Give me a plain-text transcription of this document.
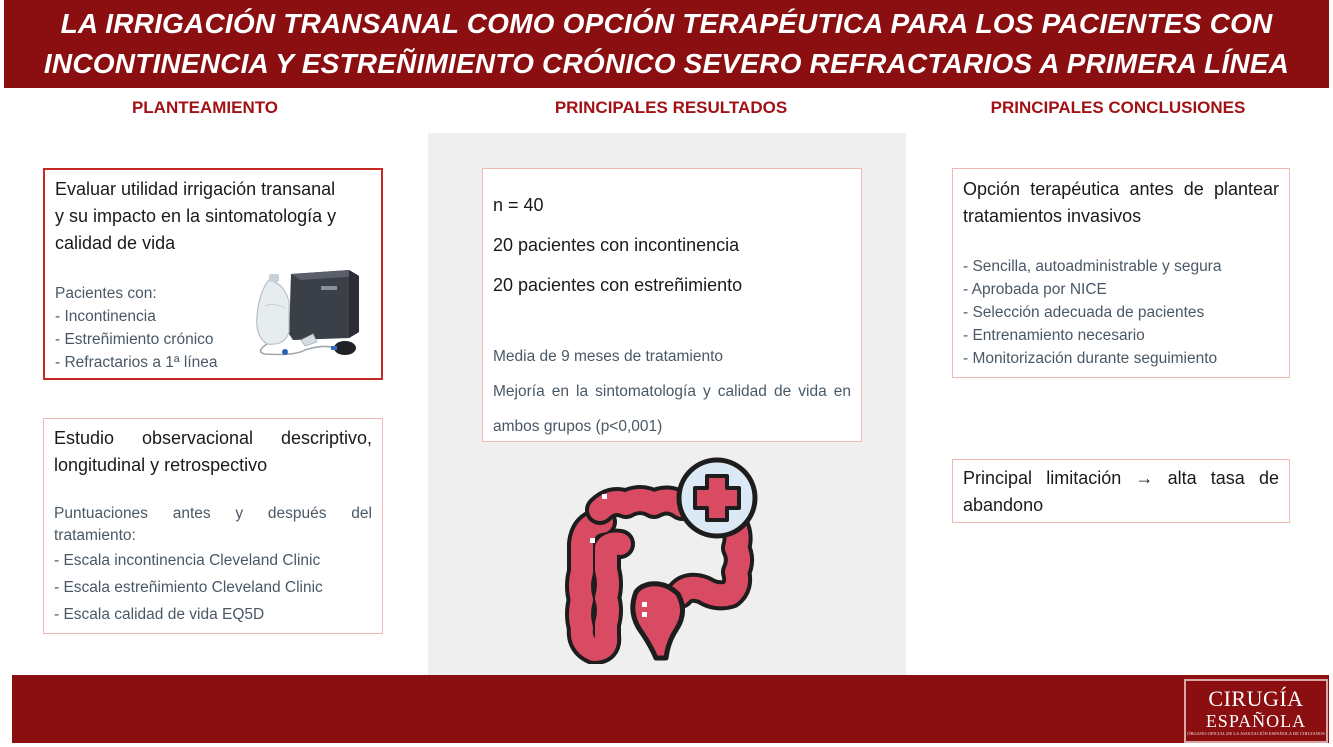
LA IRRIGACIÓN TRANSANAL COMO OPCIÓN TERAPÉUTICA PARA LOS PACIENTES CON
INCONTINENCIA Y ESTREÑIMIENTO CRÓNICO SEVERO REFRACTARIOS A PRIMERA LÍNEA
PLANTEAMIENTO	PRINCIPALES RESULTADOS	PRINCIPALES CONCLUSIONES
Evaluar utilidad irrigación transanal
y su impacto en la sintomatología y
calidad de vida
Pacientes con:
- Incontinencia
- Estreñimiento crónico
- Refractarios a 1ª línea
Estudio observacional descriptivo, longitudinal y retrospectivo
Puntuaciones antes y después del tratamiento:
- Escala incontinencia Cleveland Clinic
- Escala estreñimiento Cleveland Clinic
- Escala calidad de vida EQ5D
n = 40
20 pacientes con incontinencia
20 pacientes con estreñimiento
Media de 9 meses de tratamiento
Mejoría en la sintomatología y calidad de vida en ambos grupos (p<0,001)
Opción terapéutica antes de plantear tratamientos invasivos
- Sencilla, autoadministrable y segura
- Aprobada por NICE
- Selección adecuada de pacientes
- Entrenamiento necesario
- Monitorización durante seguimiento
Principal limitación → alta tasa de abandono
CIRUGÍA
ESPAÑOLA
ÓRGANO OFICIAL DE LA ASOCIACIÓN ESPAÑOLA DE CIRUJANOS
